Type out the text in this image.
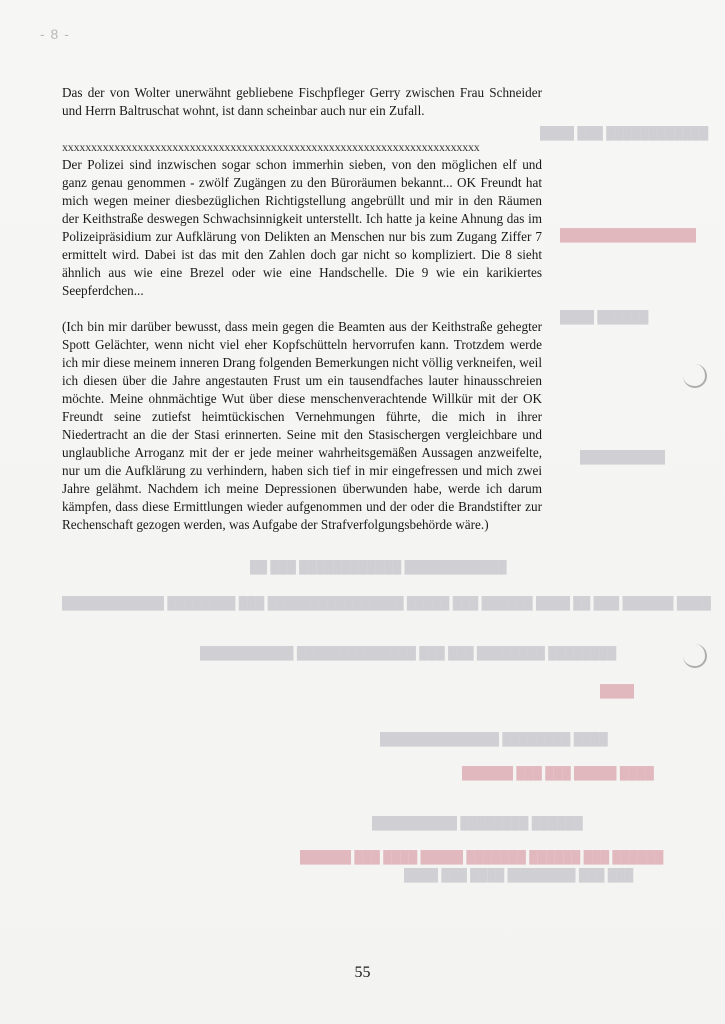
- 8 -
████████████ ███ ████
████████████████
██████ ████
██████████
████████████ ████████████ ███ ██
████ ██████ ███ ██ ████ ██████ ███ █████ ████████████████ ███ ████████ ████████████
████████ ████████ ███ ███ ██████████████ ███████████
████
████ ████████ ██████████████
████ █████ ███ ███ ██████
██████ ████████ ██████████
██████ ███ ██████ ███████ █████ ████ ███ ██████
███ ███ ████████ ████ ███ ████

Das der von Wolter unerwähnt gebliebene Fischpfleger Gerry zwischen Frau Schneider und Herrn Baltruschat wohnt, ist dann scheinbar auch nur ein Zufall.

xxxxxxxxxxxxxxxxxxxxxxxxxxxxxxxxxxxxxxxxxxxxxxxxxxxxxxxxxxxxxxxxxxxxxxxx

Der Polizei sind inzwischen sogar schon immerhin sieben, von den möglichen elf und ganz genau genommen - zwölf Zugängen zu den Büroräumen bekannt... OK Freundt hat mich wegen meiner diesbezüglichen Richtigstellung angebrüllt und mir in den Räumen der Keithstraße deswegen Schwachsinnigkeit unterstellt. Ich hatte ja keine Ahnung das im Polizeipräsidium zur Aufklärung von Delikten an Menschen nur bis zum Zugang Ziffer 7 ermittelt wird. Dabei ist das mit den Zahlen doch gar nicht so kompliziert. Die 8 sieht ähnlich aus wie eine Brezel oder wie eine Handschelle. Die 9 wie ein karikiertes Seepferdchen...

(Ich bin mir darüber bewusst, dass mein gegen die Beamten aus der Keithstraße gehegter Spott Gelächter, wenn nicht viel eher Kopfschütteln hervorrufen kann. Trotzdem werde ich mir diese meinem inneren Drang folgenden Bemerkungen nicht völlig verkneifen, weil ich diesen über die Jahre angestauten Frust um ein tausendfaches lauter hinausschreien möchte. Meine ohnmächtige Wut über diese menschenverachtende Willkür mit der OK Freundt seine zutiefst heimtückischen Vernehmungen führte, die mich in ihrer Niedertracht an die der Stasi erinnerten. Seine mit den Stasischergen vergleichbare und unglaubliche Arroganz mit der er jede meiner wahrheitsgemäßen Aussagen anzweifelte, nur um die Aufklärung zu verhindern, haben sich tief in mir eingefressen und mich zwei Jahre gelähmt. Nachdem ich meine Depressionen überwunden habe, werde ich darum kämpfen, dass diese Ermittlungen wieder aufgenommen und der oder die Brandstifter zur Rechenschaft gezogen werden, was Aufgabe der Strafverfolgungsbehörde wäre.)

55
